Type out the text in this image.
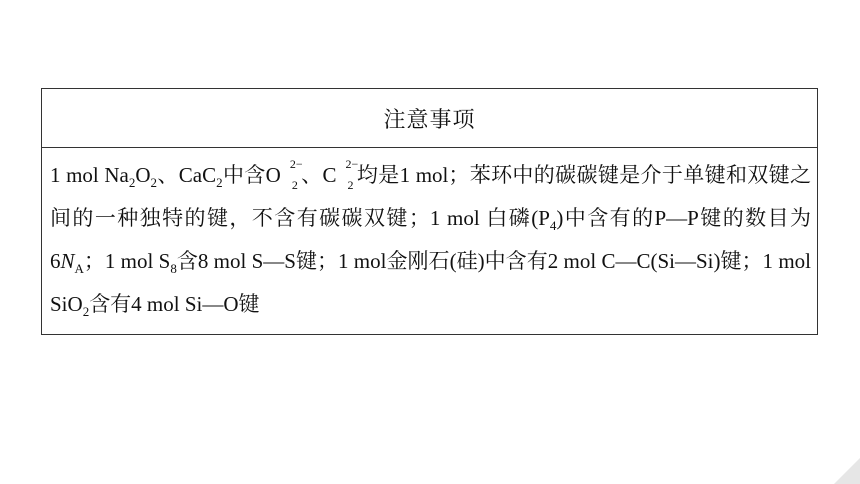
注意事项
1 mol $Na_2O_2$、CaC$_2$中含O 2−
2 、C 2−
2 均是1 mol；苯环中的碳碳键是介于单键和双键之间的一种独特的键，不含有碳碳双键；1 mol 白磷$(P_4)$中含有的P—P键的数目为$6N_A$；1 mol $S_8$含8 mol S—S键；1 mol金刚石(硅)中含有2 mol C—C(Si—Si)键；1 mol SiO$_2$含有4 mol Si—O键
